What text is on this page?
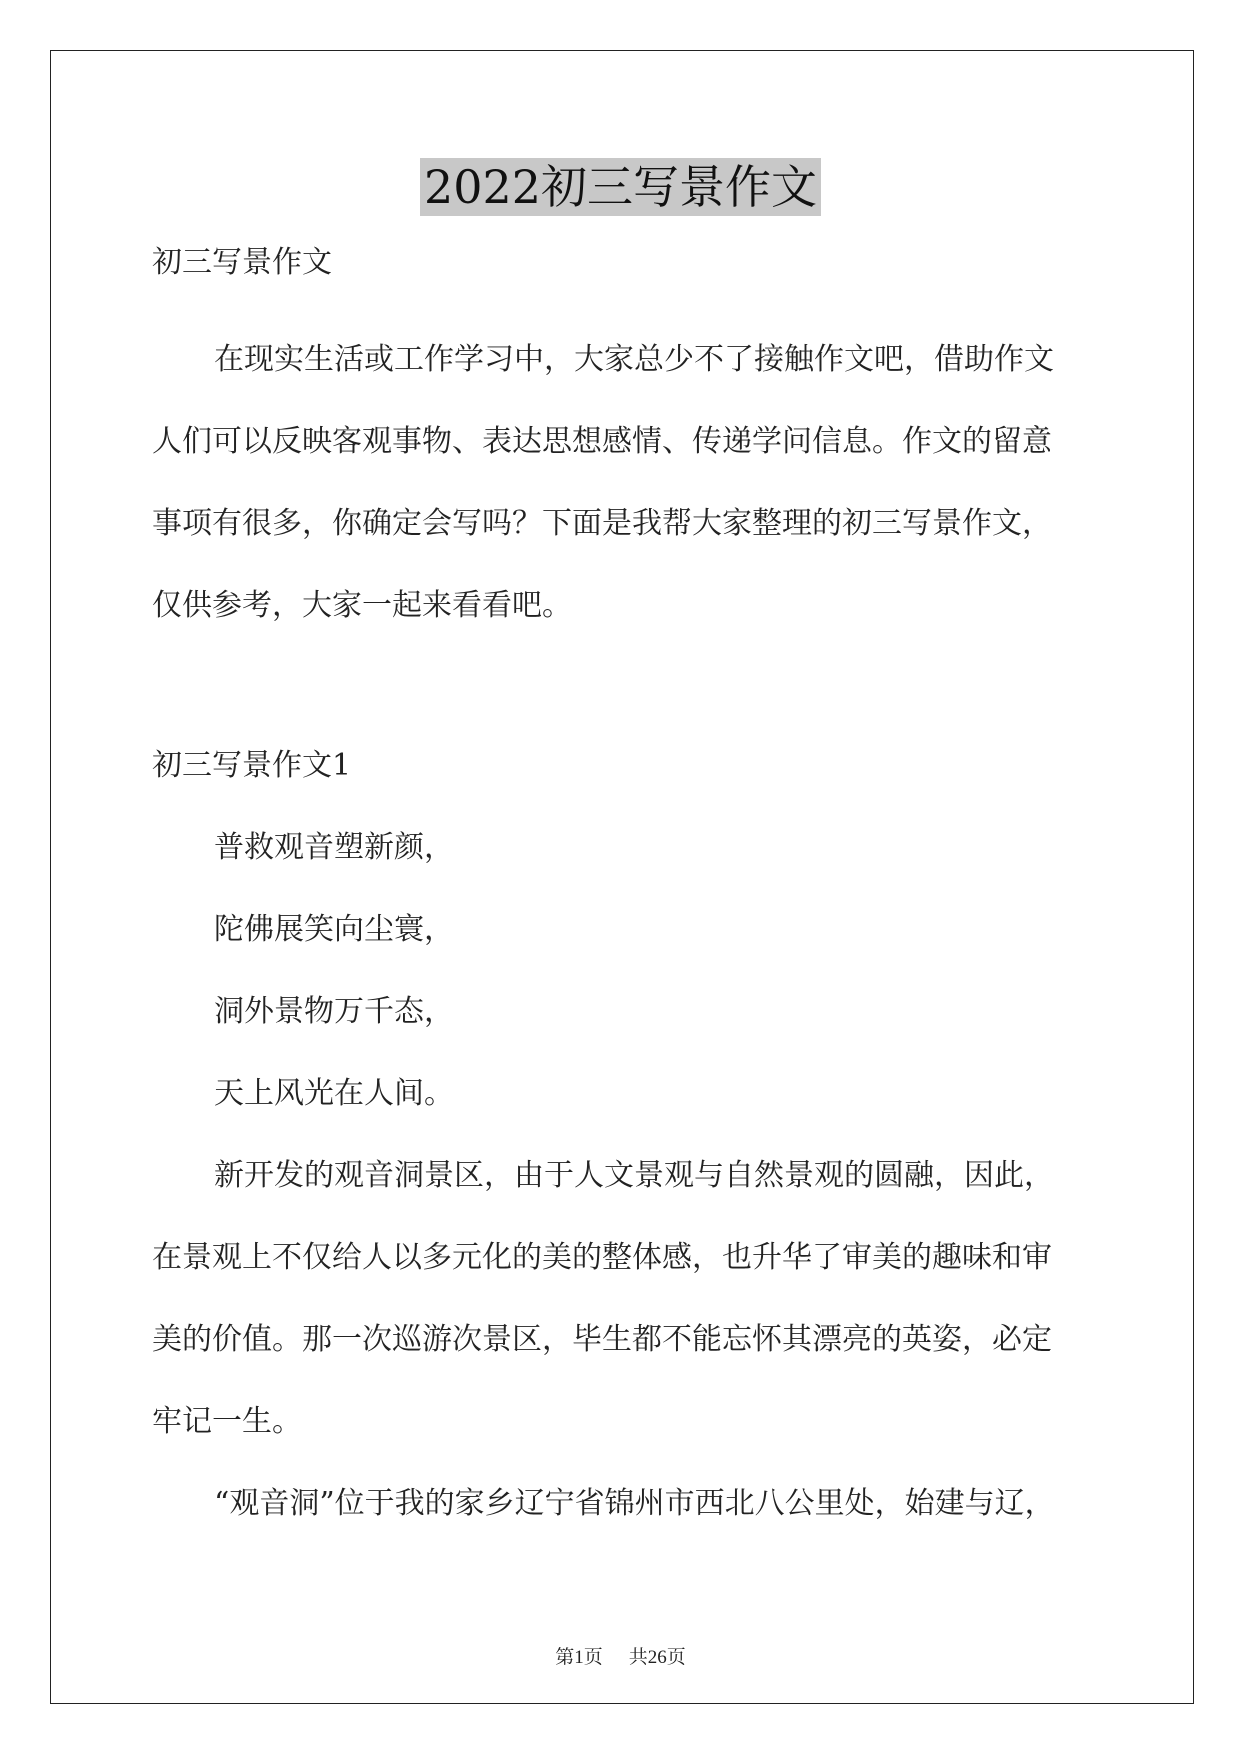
2022初三写景作文
初三写景作文
在现实生活或工作学习中，大家总少不了接触作文吧，借助作文
人们可以反映客观事物、表达思想感情、传递学问信息。作文的留意
事项有很多，你确定会写吗？下面是我帮大家整理的初三写景作文，
仅供参考，大家一起来看看吧。
初三写景作文1
普救观音塑新颜，
陀佛展笑向尘寰，
洞外景物万千态，
天上风光在人间。
新开发的观音洞景区，由于人文景观与自然景观的圆融，因此，
在景观上不仅给人以多元化的美的整体感，也升华了审美的趣味和审
美的价值。那一次巡游次景区，毕生都不能忘怀其漂亮的英姿，必定
牢记一生。
“观音洞”位于我的家乡辽宁省锦州市西北八公里处，始建与辽，
第1页 共26页
